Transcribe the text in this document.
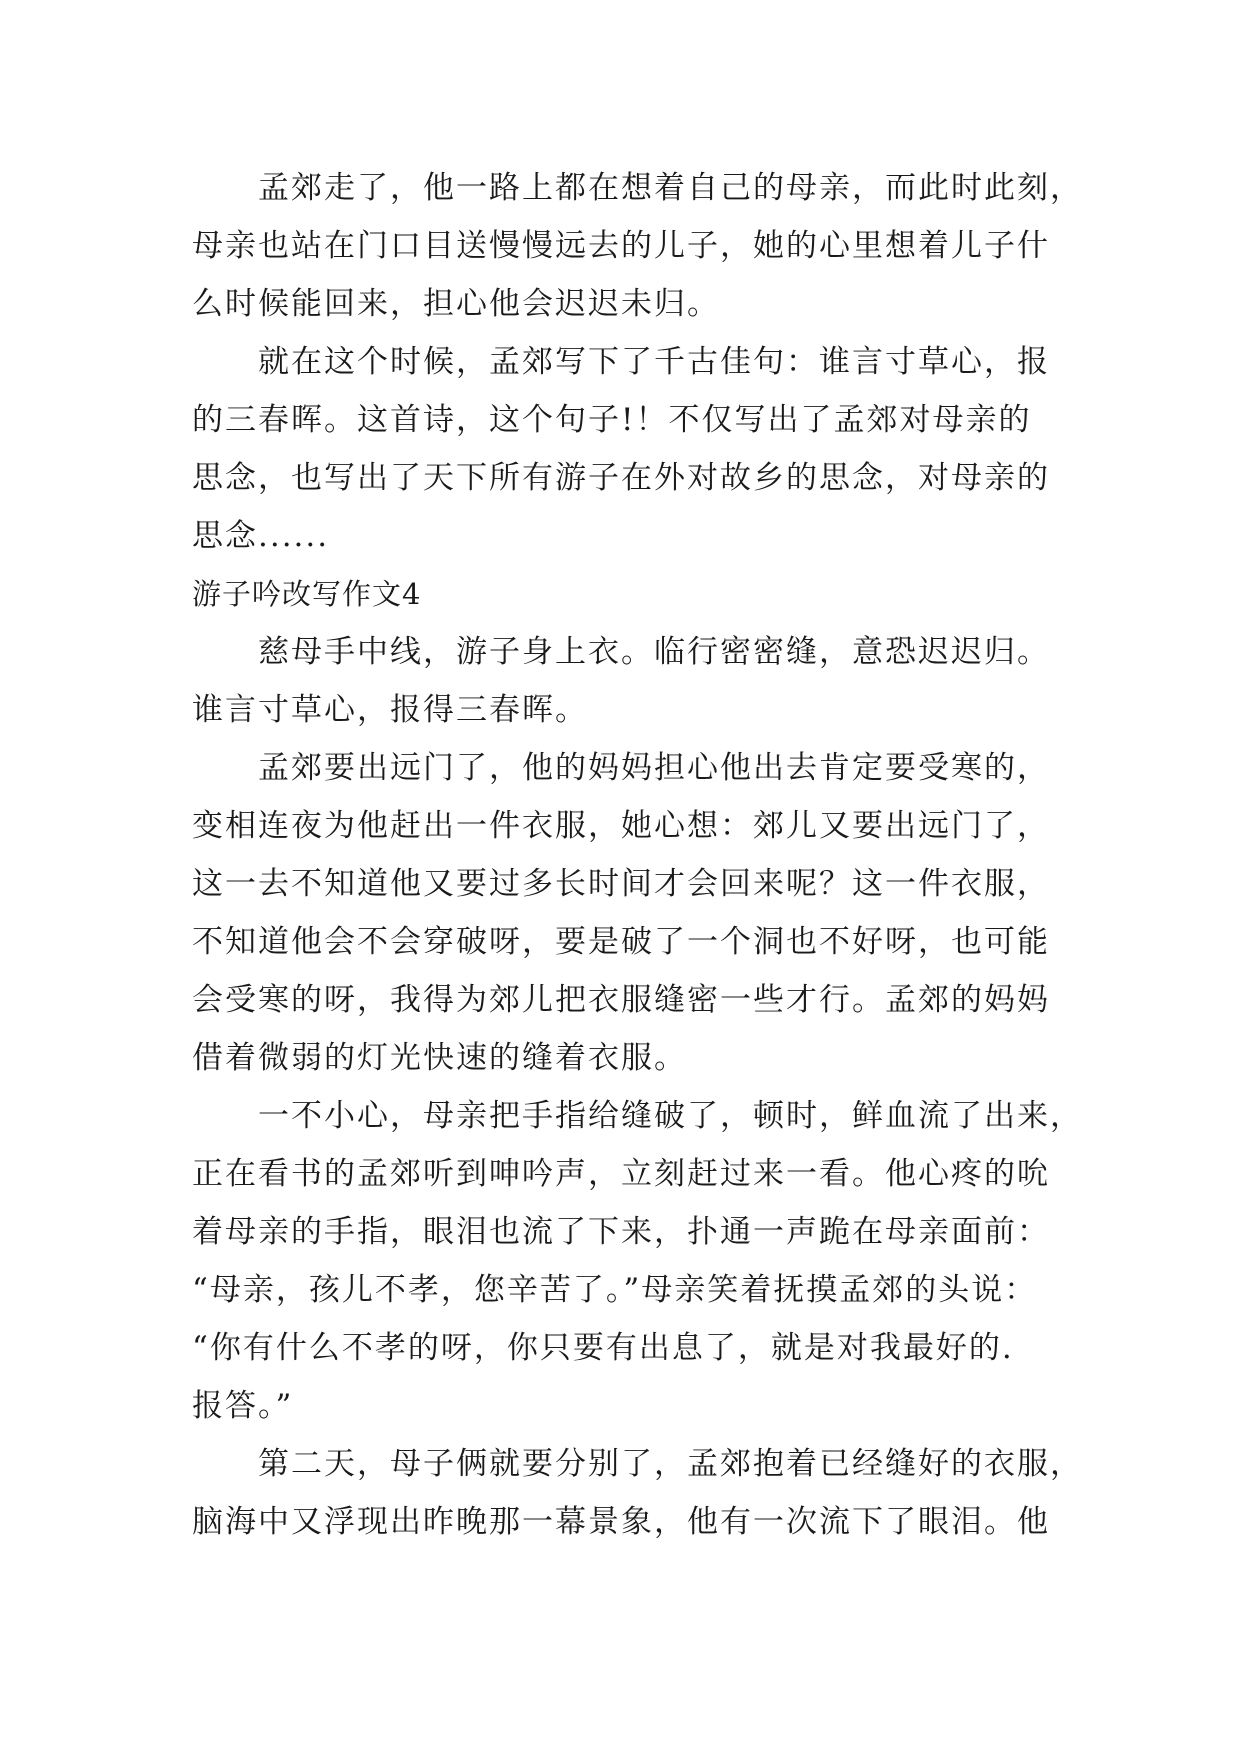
孟郊走了，他一路上都在想着自己的母亲，而此时此刻，
母亲也站在门口目送慢慢远去的儿子，她的心里想着儿子什
么时候能回来，担心他会迟迟未归。
就在这个时候，孟郊写下了千古佳句：谁言寸草心，报
的三春晖。这首诗，这个句子!！不仅写出了孟郊对母亲的
思念，也写出了天下所有游子在外对故乡的思念，对母亲的
思念......
游子吟改写作文4
慈母手中线，游子身上衣。临行密密缝，意恐迟迟归。
谁言寸草心，报得三春晖。
孟郊要出远门了，他的妈妈担心他出去肯定要受寒的，
变相连夜为他赶出一件衣服，她心想：郊儿又要出远门了，
这一去不知道他又要过多长时间才会回来呢？这一件衣服，
不知道他会不会穿破呀，要是破了一个洞也不好呀，也可能
会受寒的呀，我得为郊儿把衣服缝密一些才行。孟郊的妈妈
借着微弱的灯光快速的缝着衣服。
一不小心，母亲把手指给缝破了，顿时，鲜血流了出来，
正在看书的孟郊听到呻吟声，立刻赶过来一看。他心疼的吮
着母亲的手指，眼泪也流了下来，扑通一声跪在母亲面前：
“母亲，孩儿不孝，您辛苦了。”母亲笑着抚摸孟郊的头说：
“你有什么不孝的呀，你只要有出息了，就是对我最好的.
报答。”
第二天，母子俩就要分别了，孟郊抱着已经缝好的衣服，
脑海中又浮现出昨晚那一幕景象，他有一次流下了眼泪。他
